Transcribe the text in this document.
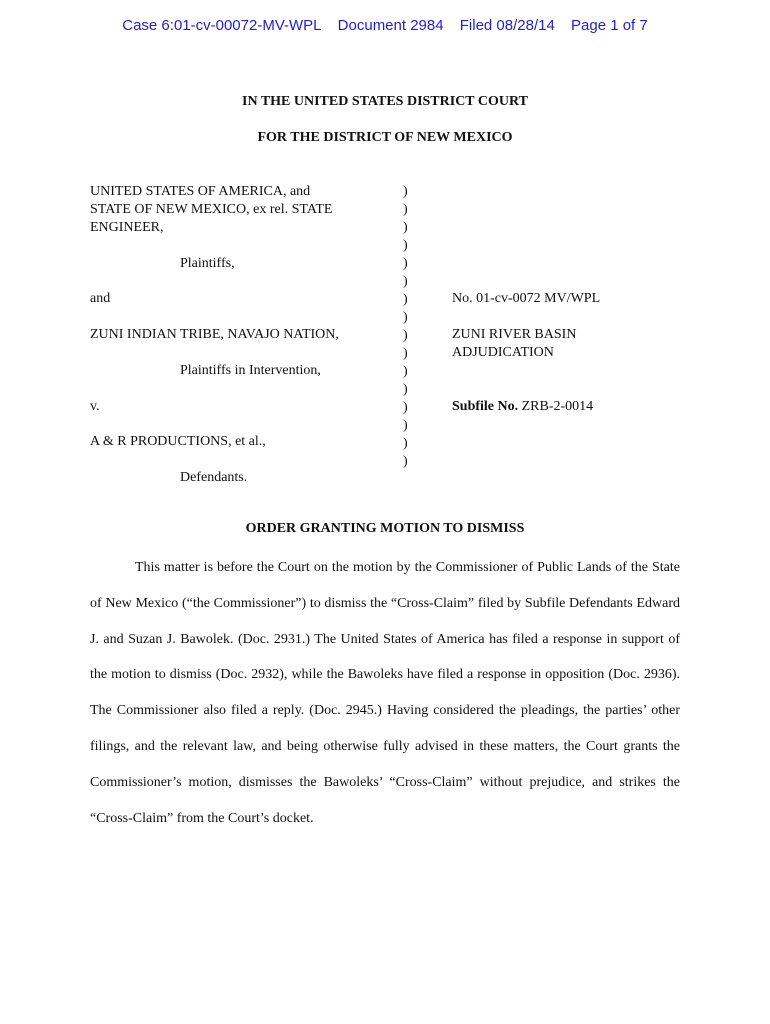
Case 6:01-cv-00072-MV-WPL Document 2984 Filed 08/28/14 Page 1 of 7
IN THE UNITED STATES DISTRICT COURT
FOR THE DISTRICT OF NEW MEXICO
UNITED STATES OF AMERICA, and
STATE OF NEW MEXICO, ex rel. STATE
ENGINEER,
Plaintiffs,
and
ZUNI INDIAN TRIBE, NAVAJO NATION,
Plaintiffs in Intervention,
v.
A & R PRODUCTIONS, et al.,
Defendants.
)
)
)
)
)
)
)
)
)
)
)
)
)
)
)
)
No. 01-cv-0072 MV/WPL
ZUNI RIVER BASIN
ADJUDICATION
Subfile No. ZRB-2-0014
ORDER GRANTING MOTION TO DISMISS

This matter is before the Court on the motion by the Commissioner of Public Lands of the State of New Mexico (“the Commissioner”) to dismiss the “Cross-Claim” filed by Subfile Defendants Edward J. and Suzan J. Bawolek. (Doc. 2931.) The United States of America has filed a response in support of the motion to dismiss (Doc. 2932), while the Bawoleks have filed a response in opposition (Doc. 2936). The Commissioner also filed a reply. (Doc. 2945.) Having considered the pleadings, the parties’ other filings, and the relevant law, and being otherwise fully advised in these matters, the Court grants the Commissioner’s motion, dismisses the Bawoleks’ “Cross-Claim” without prejudice, and strikes the “Cross-Claim” from the Court’s docket.
